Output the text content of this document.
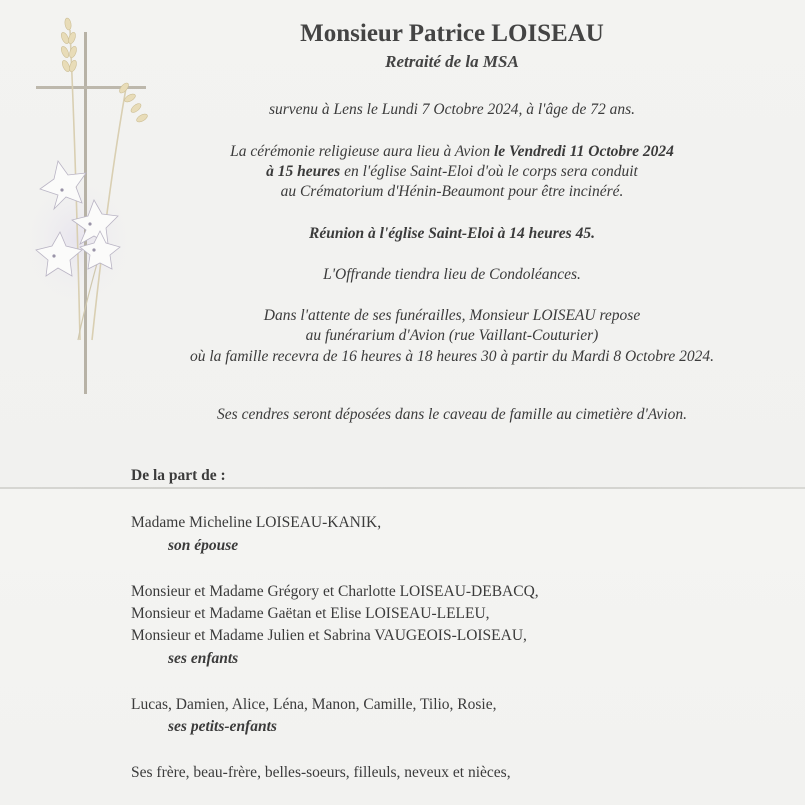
Monsieur Patrice LOISEAU
Retraité de la MSA
survenu à Lens le Lundi 7 Octobre 2024, à l'âge de 72 ans.
La cérémonie religieuse aura lieu à Avion le Vendredi 11 Octobre 2024
à 15 heures en l'église Saint-Eloi d'où le corps sera conduit
au Crématorium d'Hénin-Beaumont pour être incinéré.
Réunion à l'église Saint-Eloi à 14 heures 45.
L'Offrande tiendra lieu de Condoléances.
Dans l'attente de ses funérailles, Monsieur LOISEAU repose
au funérarium d'Avion (rue Vaillant-Couturier)
où la famille recevra de 16 heures à 18 heures 30 à partir du Mardi 8 Octobre 2024.
Ses cendres seront déposées dans le caveau de famille au cimetière d'Avion.
De la part de :
Madame Micheline LOISEAU-KANIK,
son épouse
Monsieur et Madame Grégory et Charlotte LOISEAU-DEBACQ,
Monsieur et Madame Gaëtan et Elise LOISEAU-LELEU,
Monsieur et Madame Julien et Sabrina VAUGEOIS-LOISEAU,
ses enfants
Lucas, Damien, Alice, Léna, Manon, Camille, Tilio, Rosie,
ses petits-enfants
Ses frère, beau-frère, belles-soeurs, filleuls, neveux et nièces,
